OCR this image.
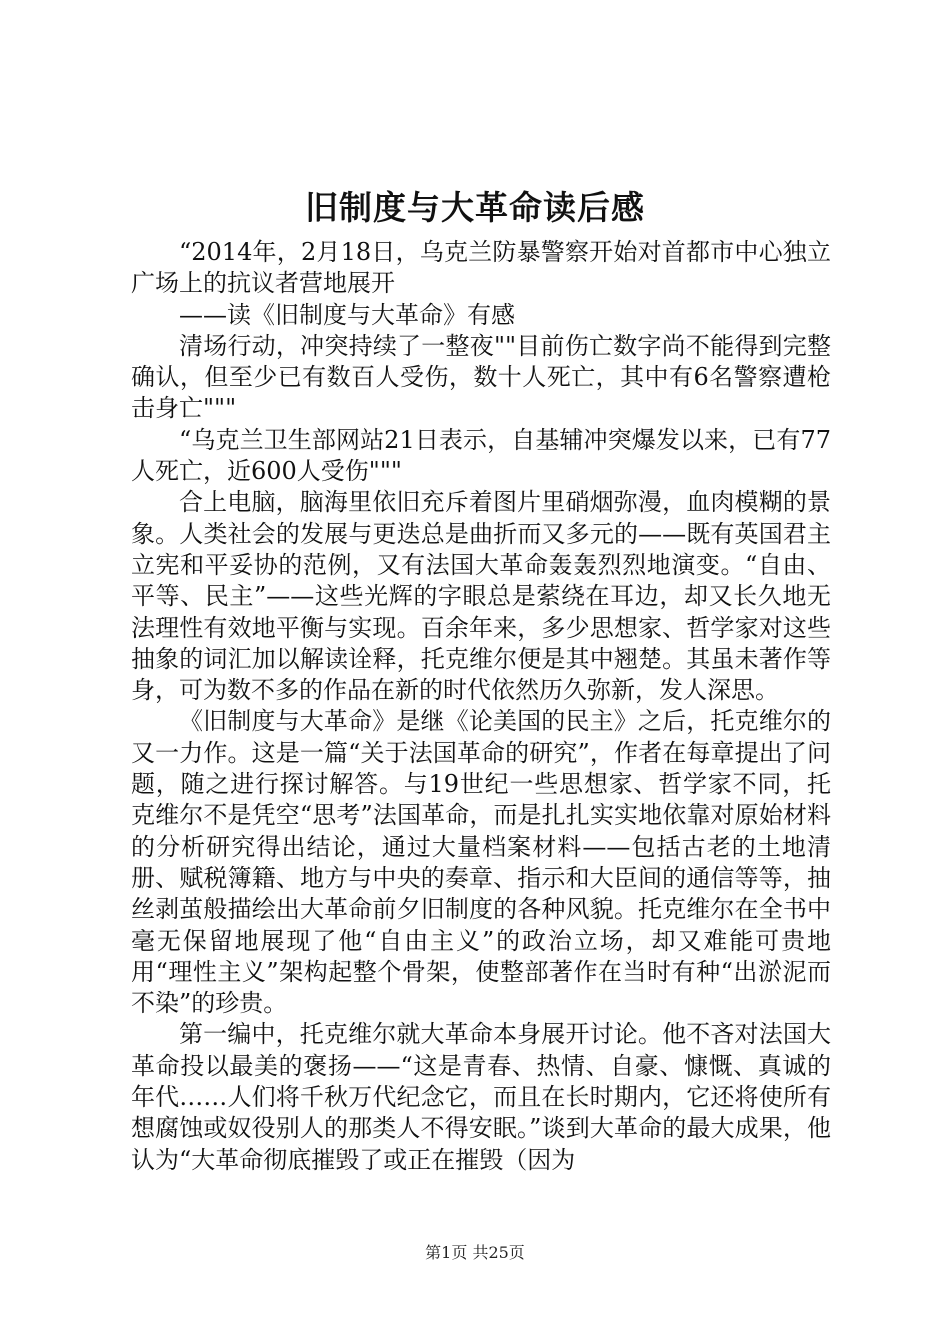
旧制度与大革命读后感

“2014年，2月18日，乌克兰防暴警察开始对首都市中心独立广场上的抗议者营地展开

——读《旧制度与大革命》有感

清场行动，冲突持续了一整夜""目前伤亡数字尚不能得到完整确认，但至少已有数百人受伤，数十人死亡，其中有6名警察遭枪击身亡"""

“乌克兰卫生部网站21日表示，自基辅冲突爆发以来，已有77人死亡，近600人受伤"""

合上电脑，脑海里依旧充斥着图片里硝烟弥漫，血肉模糊的景象。人类社会的发展与更迭总是曲折而又多元的——既有英国君主立宪和平妥协的范例，又有法国大革命轰轰烈烈地演变。“自由、平等、民主”——这些光辉的字眼总是萦绕在耳边，却又长久地无法理性有效地平衡与实现。百余年来，多少思想家、哲学家对这些抽象的词汇加以解读诠释，托克维尔便是其中翘楚。其虽未著作等身，可为数不多的作品在新的时代依然历久弥新，发人深思。

《旧制度与大革命》是继《论美国的民主》之后，托克维尔的又一力作。这是一篇“关于法国革命的研究”，作者在每章提出了问题，随之进行探讨解答。与19世纪一些思想家、哲学家不同，托克维尔不是凭空“思考”法国革命，而是扎扎实实地依靠对原始材料的分析研究得出结论，通过大量档案材料——包括古老的土地清册、赋税簿籍、地方与中央的奏章、指示和大臣间的通信等等，抽丝剥茧般描绘出大革命前夕旧制度的各种风貌。托克维尔在全书中毫无保留地展现了他“自由主义”的政治立场，却又难能可贵地用“理性主义”架构起整个骨架，使整部著作在当时有种“出淤泥而不染”的珍贵。

第一编中，托克维尔就大革命本身展开讨论。他不吝对法国大革命投以最美的褒扬——“这是青春、热情、自豪、慷慨、真诚的年代……人们将千秋万代纪念它，而且在长时期内，它还将使所有想腐蚀或奴役别人的那类人不得安眠。”谈到大革命的最大成果，他认为“大革命彻底摧毁了或正在摧毁（因为

第1页 共25页
